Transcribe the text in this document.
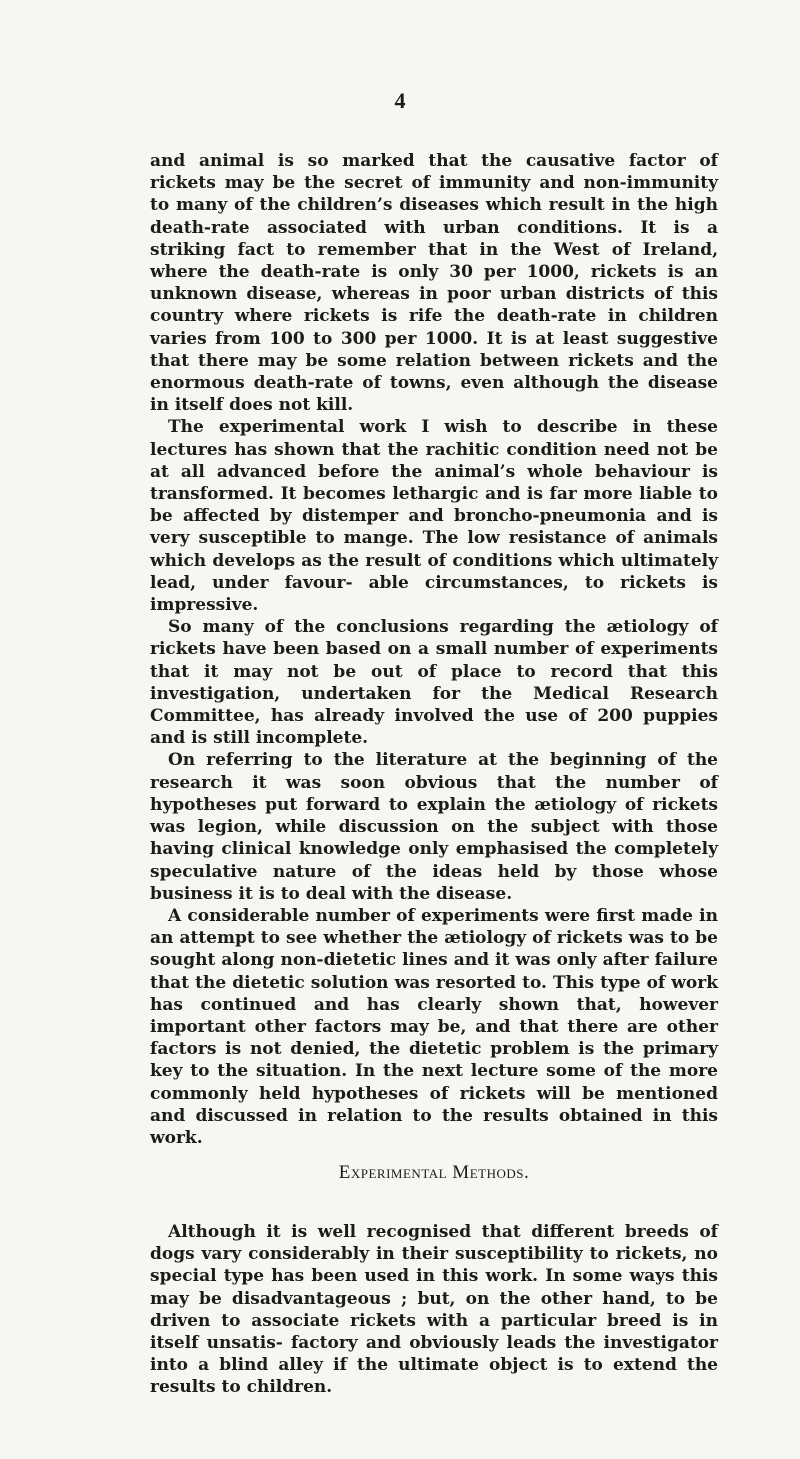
4

and animal is so marked that the causative factor of rickets may be the secret of immunity and non-immunity to many of the children’s diseases which result in the high death-rate associated with urban conditions. It is a striking fact to remember that in the West of Ireland, where the death-rate is only 30 per 1000, rickets is an unknown disease, whereas in poor urban districts of this country where rickets is rife the death-rate in children varies from 100 to 300 per 1000. It is at least suggestive that there may be some relation between rickets and the enormous death-rate of towns, even although the disease in itself does not kill.

The experimental work I wish to describe in these lectures has shown that the rachitic condition need not be at all advanced before the animal’s whole behaviour is transformed. It becomes lethargic and is far more liable to be affected by distemper and broncho-pneumonia and is very susceptible to mange. The low resistance of animals which develops as the result of conditions which ultimately lead, under favour- able circumstances, to rickets is impressive.

So many of the conclusions regarding the ætiology of rickets have been based on a small number of experiments that it may not be out of place to record that this investigation, undertaken for the Medical Research Committee, has already involved the use of 200 puppies and is still incomplete.

On referring to the literature at the beginning of the research it was soon obvious that the number of hypotheses put forward to explain the ætiology of rickets was legion, while discussion on the subject with those having clinical knowledge only emphasised the completely speculative nature of the ideas held by those whose business it is to deal with the disease.

A considerable number of experiments were first made in an attempt to see whether the ætiology of rickets was to be sought along non-dietetic lines and it was only after failure that the dietetic solution was resorted to. This type of work has continued and has clearly shown that, however important other factors may be, and that there are other factors is not denied, the dietetic problem is the primary key to the situation. In the next lecture some of the more commonly held hypotheses of rickets will be mentioned and discussed in relation to the results obtained in this work.

Experimental Methods.

Although it is well recognised that different breeds of dogs vary considerably in their susceptibility to rickets, no special type has been used in this work. In some ways this may be disadvantageous ; but, on the other hand, to be driven to associate rickets with a particular breed is in itself unsatis- factory and obviously leads the investigator into a blind alley if the ultimate object is to extend the results to children.
